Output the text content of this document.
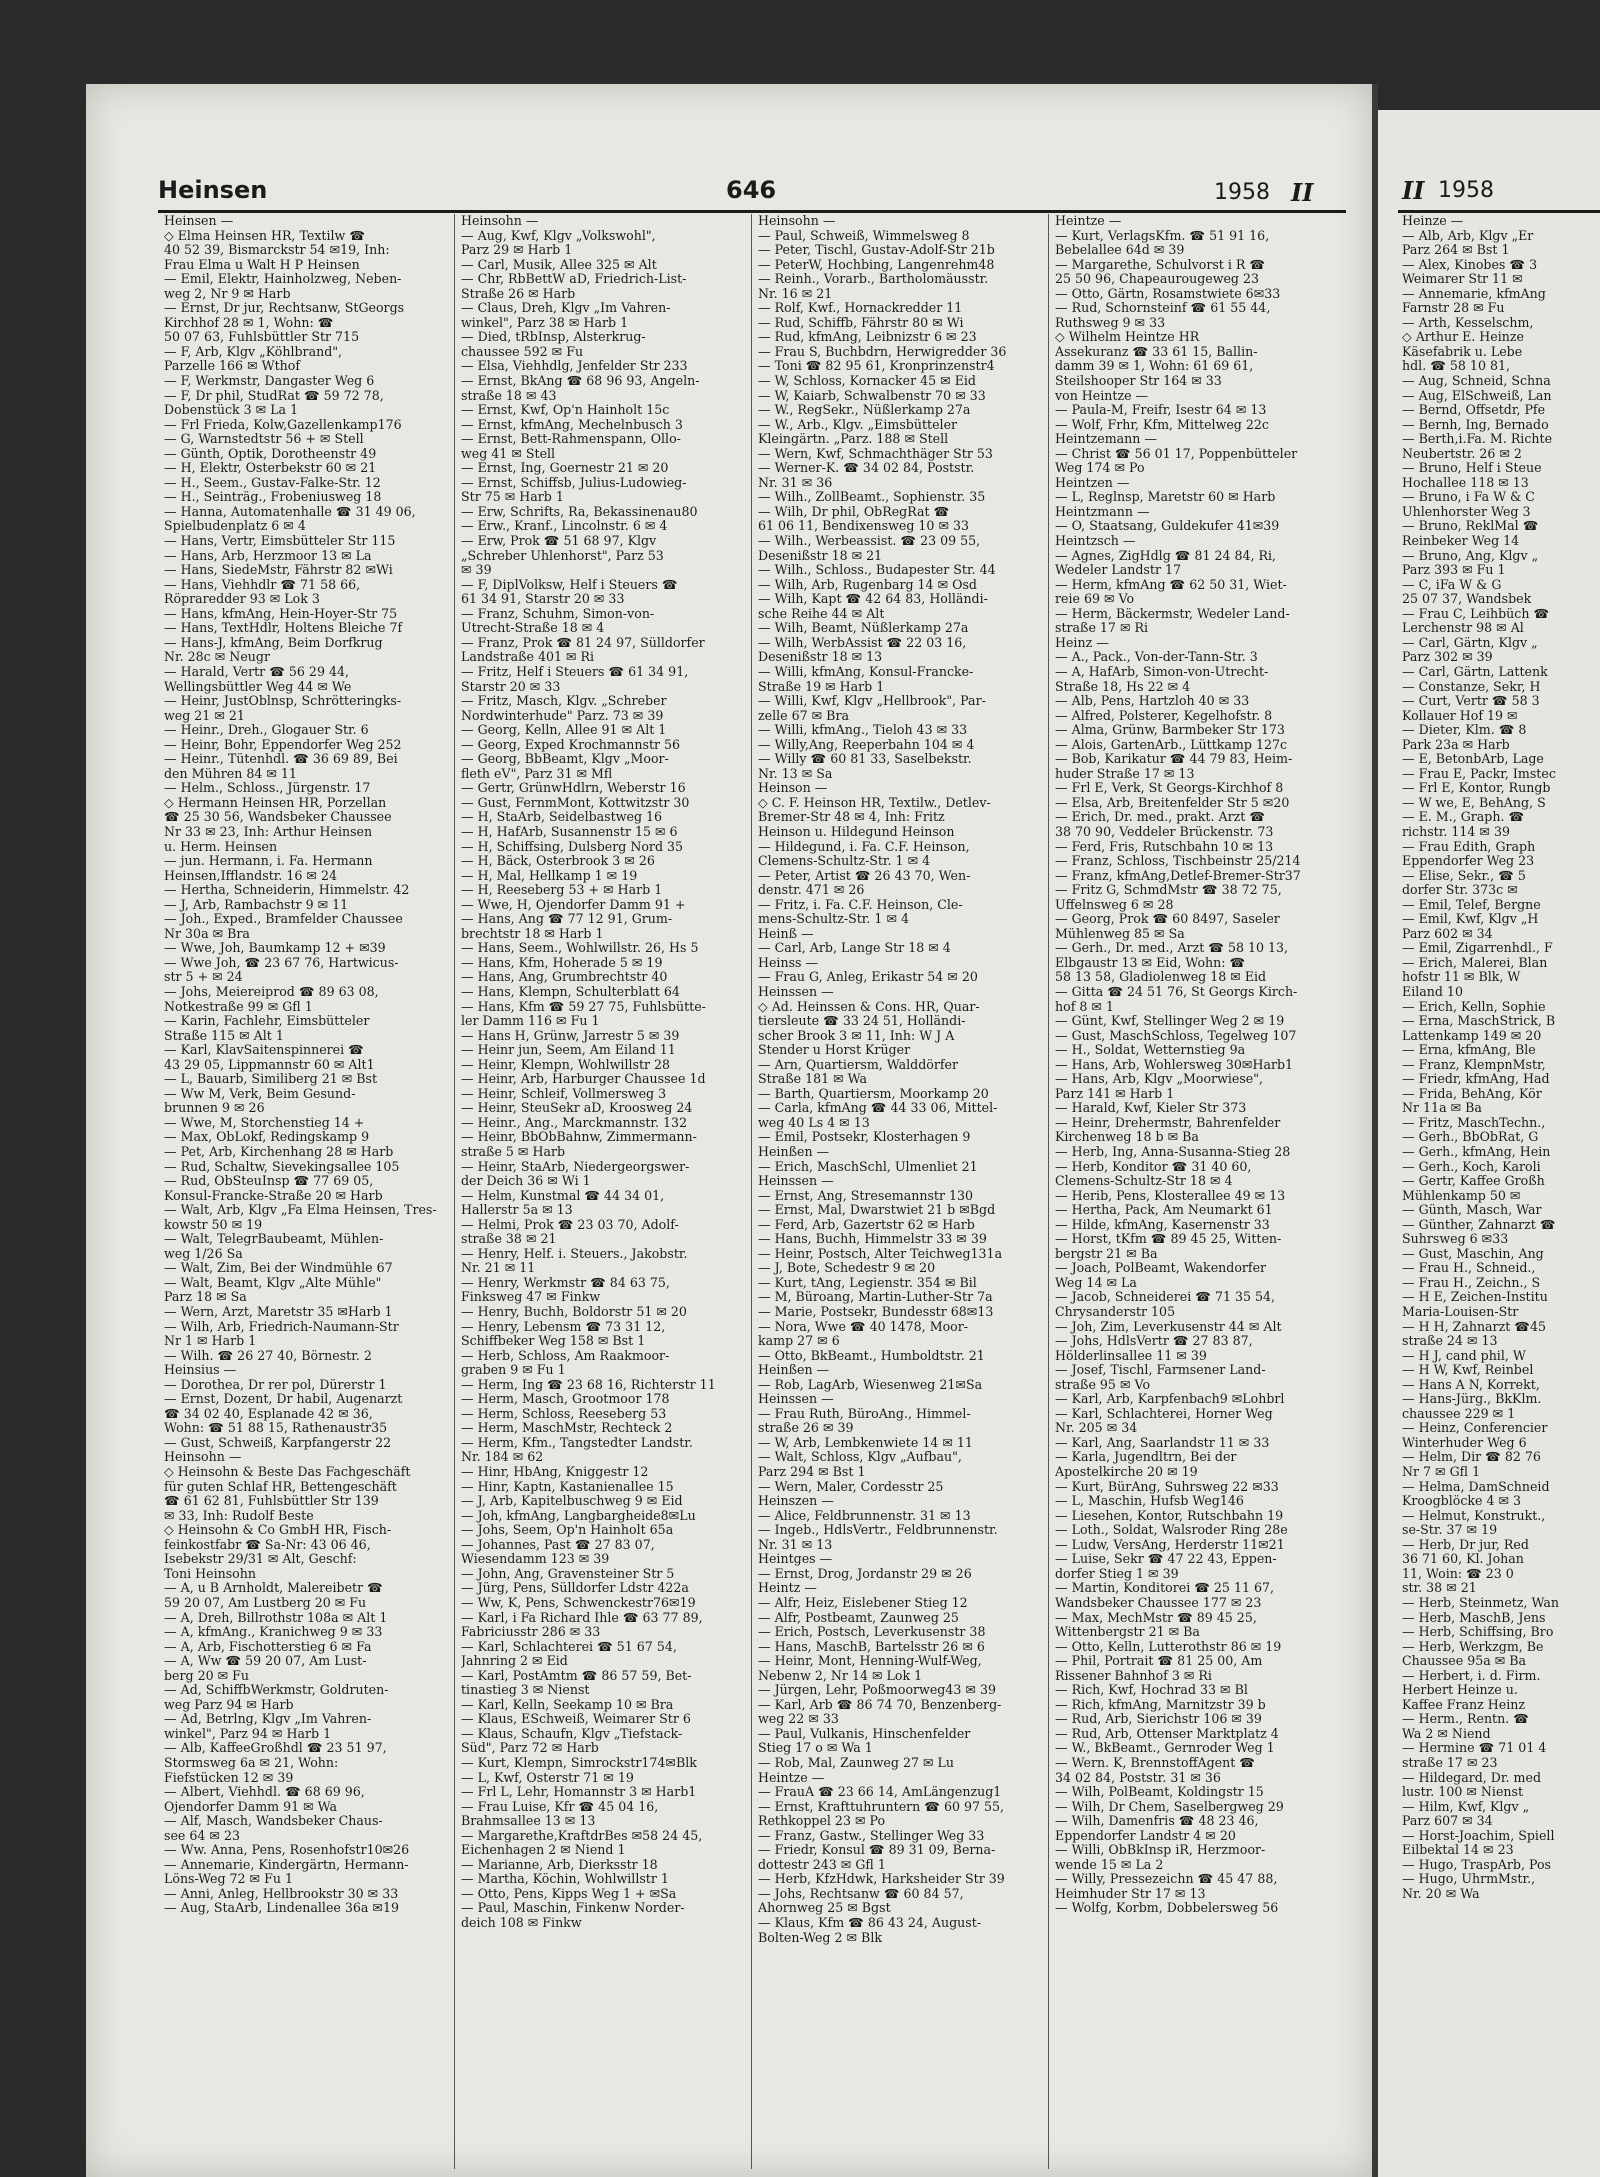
Heinsen	646	1958 II
Heinsen —
◇ Elma Heinsen HR, Textilw ☎
40 52 39, Bismarckstr 54 ✉19, Inh:
Frau Elma u Walt H P Heinsen
— Emil, Elektr, Hainholzweg, Neben-
weg 2, Nr 9 ✉ Harb
— Ernst, Dr jur, Rechtsanw, StGeorgs
Kirchhof 28 ✉ 1, Wohn: ☎
50 07 63, Fuhlsbüttler Str 715
— F, Arb, Klgv „Köhlbrand",
Parzelle 166 ✉ Wthof
— F, Werkmstr, Dangaster Weg 6
— F, Dr phil, StudRat ☎ 59 72 78,
Dobenstück 3 ✉ La 1
— Frl Frieda, Kolw,Gazellenkamp176
— G, Warnstedtstr 56 + ✉ Stell
— Günth, Optik, Dorotheenstr 49
— H, Elektr, Osterbekstr 60 ✉ 21
— H., Seem., Gustav-Falke-Str. 12
— H., Seinträg., Frobeniusweg 18
— Hanna, Automatenhalle ☎ 31 49 06,
Spielbudenplatz 6 ✉ 4
— Hans, Vertr, Eimsbütteler Str 115
— Hans, Arb, Herzmoor 13 ✉ La
— Hans, SiedeMstr, Fährstr 82 ✉Wi
— Hans, Viehhdlr ☎ 71 58 66,
Röpraredder 93 ✉ Lok 3
— Hans, kfmAng, Hein-Hoyer-Str 75
— Hans, TextHdlr, Holtens Bleiche 7f
— Hans-J, kfmAng, Beim Dorfkrug
Nr. 28c ✉ Neugr
— Harald, Vertr ☎ 56 29 44,
Wellingsbüttler Weg 44 ✉ We
— Heinr, JustOblnsp, Schrötteringks-
weg 21 ✉ 21
— Heinr., Dreh., Glogauer Str. 6
— Heinr, Bohr, Eppendorfer Weg 252
— Heinr., Tütenhdl. ☎ 36 69 89, Bei
den Mühren 84 ✉ 11
— Helm., Schloss., Jürgenstr. 17
◇ Hermann Heinsen HR, Porzellan
☎ 25 30 56, Wandsbeker Chaussee
Nr 33 ✉ 23, Inh: Arthur Heinsen
u. Herm. Heinsen
— jun. Hermann, i. Fa. Hermann
Heinsen,Ifflandstr. 16 ✉ 24
— Hertha, Schneiderin, Himmelstr. 42
— J, Arb, Rambachstr 9 ✉ 11
— Joh., Exped., Bramfelder Chaussee
Nr 30a ✉ Bra
— Wwe, Joh, Baumkamp 12 + ✉39
— Wwe Joh, ☎ 23 67 76, Hartwicus-
str 5 + ✉ 24
— Johs, Meiereiprod ☎ 89 63 08,
Notkestraße 99 ✉ Gfl 1
— Karin, Fachlehr, Eimsbütteler
Straße 115 ✉ Alt 1
— Karl, KlavSaitenspinnerei ☎
43 29 05, Lippmannstr 60 ✉ Alt1
— L, Bauarb, Similiberg 21 ✉ Bst
— Ww M, Verk, Beim Gesund-
brunnen 9 ✉ 26
— Wwe, M, Storchenstieg 14 +
— Max, ObLokf, Redingskamp 9
— Pet, Arb, Kirchenhang 28 ✉ Harb
— Rud, Schaltw, Sievekingsallee 105
— Rud, ObSteuInsp ☎ 77 69 05,
Konsul-Francke-Straße 20 ✉ Harb
— Walt, Arb, Klgv „Fa Elma Heinsen, Tres-
kowstr 50 ✉ 19
— Walt, TelegrBaubeamt, Mühlen-
weg 1/26 Sa
— Walt, Zim, Bei der Windmühle 67
— Walt, Beamt, Klgv „Alte Mühle"
Parz 18 ✉ Sa
— Wern, Arzt, Maretstr 35 ✉Harb 1
— Wilh, Arb, Friedrich-Naumann-Str
Nr 1 ✉ Harb 1
— Wilh. ☎ 26 27 40, Börnestr. 2
Heinsius —
— Dorothea, Dr rer pol, Dürerstr 1
— Ernst, Dozent, Dr habil, Augenarzt
☎ 34 02 40, Esplanade 42 ✉ 36,
Wohn: ☎ 51 88 15, Rathenaustr35
— Gust, Schweiß, Karpfangerstr 22
Heinsohn —
◇ Heinsohn & Beste Das Fachgeschäft
für guten Schlaf HR, Bettengeschäft
☎ 61 62 81, Fuhlsbüttler Str 139
✉ 33, Inh: Rudolf Beste
◇ Heinsohn & Co GmbH HR, Fisch-
feinkostfabr ☎ Sa-Nr: 43 06 46,
Isebekstr 29/31 ✉ Alt, Geschf:
Toni Heinsohn
— A, u B Arnholdt, Malereibetr ☎
59 20 07, Am Lustberg 20 ✉ Fu
— A, Dreh, Billrothstr 108a ✉ Alt 1
— A, kfmAng., Kranichweg 9 ✉ 33
— A, Arb, Fischotterstieg 6 ✉ Fa
— A, Ww ☎ 59 20 07, Am Lust-
berg 20 ✉ Fu
— Ad, SchiffbWerkmstr, Goldruten-
weg Parz 94 ✉ Harb
— Ad, Betrlng, Klgv „Im Vahren-
winkel", Parz 94 ✉ Harb 1
— Alb, KaffeeGroßhdl ☎ 23 51 97,
Stormsweg 6a ✉ 21, Wohn:
Fiefstücken 12 ✉ 39
— Albert, Viehhdl. ☎ 68 69 96,
Öjendorfer Damm 91 ✉ Wa
— Alf, Masch, Wandsbeker Chaus-
see 64 ✉ 23
— Ww. Anna, Pens, Rosenhofstr10✉26
— Annemarie, Kindergärtn, Hermann-
Löns-Weg 72 ✉ Fu 1
— Anni, Anleg, Hellbrookstr 30 ✉ 33
— Aug, StaArb, Lindenallee 36a ✉19
Heinsohn —
— Aug, Kwf, Klgv „Volkswohl",
Parz 29 ✉ Harb 1
— Carl, Musik, Allee 325 ✉ Alt
— Chr, RbBettW aD, Friedrich-List-
Straße 26 ✉ Harb
— Claus, Dreh, Klgv „Im Vahren-
winkel", Parz 38 ✉ Harb 1
— Died, tRbInsp, Alsterkrug-
chaussee 592 ✉ Fu
— Elsa, Viehhdlg, Jenfelder Str 233
— Ernst, BkAng ☎ 68 96 93, Angeln-
straße 18 ✉ 43
— Ernst, Kwf, Op'n Hainholt 15c
— Ernst, kfmAng, Mechelnbusch 3
— Ernst, Bett-Rahmenspann, Ollo-
weg 41 ✉ Stell
— Ernst, Ing, Goernestr 21 ✉ 20
— Ernst, Schiffsb, Julius-Ludowieg-
Str 75 ✉ Harb 1
— Erw, Schrifts, Ra, Bekassinenau80
— Erw., Kranf., Lincolnstr. 6 ✉ 4
— Erw, Prok ☎ 51 68 97, Klgv
„Schreber Uhlenhorst", Parz 53
✉ 39
— F, DiplVolksw, Helf i Steuers ☎
61 34 91, Starstr 20 ✉ 33
— Franz, Schuhm, Simon-von-
Utrecht-Straße 18 ✉ 4
— Franz, Prok ☎ 81 24 97, Sülldorfer
Landstraße 401 ✉ Ri
— Fritz, Helf i Steuers ☎ 61 34 91,
Starstr 20 ✉ 33
— Fritz, Masch, Klgv. „Schreber
Nordwinterhude" Parz. 73 ✉ 39
— Georg, Kelln, Allee 91 ✉ Alt 1
— Georg, Exped Krochmannstr 56
— Georg, BbBeamt, Klgv „Moor-
fleth eV", Parz 31 ✉ Mfl
— Gertr, GrünwHdlrn, Weberstr 16
— Gust, FernmMont, Kottwitzstr 30
— H, StaArb, Seidelbastweg 16
— H, HafArb, Susannenstr 15 ✉ 6
— H, Schiffsing, Dulsberg Nord 35
— H, Bäck, Osterbrook 3 ✉ 26
— H, Mal, Hellkamp 1 ✉ 19
— H, Reeseberg 53 + ✉ Harb 1
— Wwe, H, Öjendorfer Damm 91 +
— Hans, Ang ☎ 77 12 91, Grum-
brechtstr 18 ✉ Harb 1
— Hans, Seem., Wohlwillstr. 26, Hs 5
— Hans, Kfm, Hoherade 5 ✉ 19
— Hans, Ang, Grumbrechtstr 40
— Hans, Klempn, Schulterblatt 64
— Hans, Kfm ☎ 59 27 75, Fuhlsbütte-
ler Damm 116 ✉ Fu 1
— Hans H, Grünw, Jarrestr 5 ✉ 39
— Heinr jun, Seem, Am Eiland 11
— Heinr, Klempn, Wohlwillstr 28
— Heinr, Arb, Harburger Chaussee 1d
— Heinr, Schleif, Vollmersweg 3
— Heinr, SteuSekr aD, Kroosweg 24
— Heinr., Ang., Marckmannstr. 132
— Heinr, BbObBahnw, Zimmermann-
straße 5 ✉ Harb
— Heinr, StaArb, Niedergeorgswer-
der Deich 36 ✉ Wi 1
— Helm, Kunstmal ☎ 44 34 01,
Hallerstr 5a ✉ 13
— Helmi, Prok ☎ 23 03 70, Adolf-
straße 38 ✉ 21
— Henry, Helf. i. Steuers., Jakobstr.
Nr. 21 ✉ 11
— Henry, Werkmstr ☎ 84 63 75,
Finksweg 47 ✉ Finkw
— Henry, Buchh, Boldorstr 51 ✉ 20
— Henry, Lebensm ☎ 73 31 12,
Schiffbeker Weg 158 ✉ Bst 1
— Herb, Schloss, Am Raakmoor-
graben 9 ✉ Fu 1
— Herm, Ing ☎ 23 68 16, Richterstr 11
— Herm, Masch, Grootmoor 178
— Herm, Schloss, Reeseberg 53
— Herm, MaschMstr, Rechteck 2
— Herm, Kfm., Tangstedter Landstr.
Nr. 184 ✉ 62
— Hinr, HbAng, Kniggestr 12
— Hinr, Kaptn, Kastanienallee 15
— J, Arb, Kapitelbuschweg 9 ✉ Eid
— Joh, kfmAng, Langbargheide8✉Lu
— Johs, Seem, Op'n Hainholt 65a
— Johannes, Past ☎ 27 83 07,
Wiesendamm 123 ✉ 39
— John, Ang, Gravensteiner Str 5
— Jürg, Pens, Sülldorfer Ldstr 422a
— Ww, K, Pens, Schwenckestr76✉19
— Karl, i Fa Richard Ihle ☎ 63 77 89,
Fabriciusstr 286 ✉ 33
— Karl, Schlachterei ☎ 51 67 54,
Jahnring 2 ✉ Eid
— Karl, PostAmtm ☎ 86 57 59, Bet-
tinastieg 3 ✉ Nienst
— Karl, Kelln, Seekamp 10 ✉ Bra
— Klaus, ESchweiß, Weimarer Str 6
— Klaus, Schaufn, Klgv „Tiefstack-
Süd", Parz 72 ✉ Harb
— Kurt, Klempn, Simrockstr174✉Blk
— L, Kwf, Osterstr 71 ✉ 19
— Frl L, Lehr, Homannstr 3 ✉ Harb1
— Frau Luise, Kfr ☎ 45 04 16,
Brahmsallee 13 ✉ 13
— Margarethe,KraftdrBes ✉58 24 45,
Eichenhagen 2 ✉ Niend 1
— Marianne, Arb, Dierksstr 18
— Martha, Köchin, Wohlwillstr 1
— Otto, Pens, Kipps Weg 1 + ✉Sa
— Paul, Maschin, Finkenw Norder-
deich 108 ✉ Finkw
Heinsohn —
— Paul, Schweiß, Wimmelsweg 8
— Peter, Tischl, Gustav-Adolf-Str 21b
— PeterW, Hochbing, Langenrehm48
— Reinh., Vorarb., Bartholomäusstr.
Nr. 16 ✉ 21
— Rolf, Kwf., Hornackredder 11
— Rud, Schiffb, Fährstr 80 ✉ Wi
— Rud, kfmAng, Leibnizstr 6 ✉ 23
— Frau S, Buchbdrn, Herwigredder 36
— Toni ☎ 82 95 61, Kronprinzenstr4
— W, Schloss, Kornacker 45 ✉ Eid
— W, Kaiarb, Schwalbenstr 70 ✉ 33
— W., RegSekr., Nüßlerkamp 27a
— W., Arb., Klgv. „Eimsbütteler
Kleingärtn. „Parz. 188 ✉ Stell
— Wern, Kwf, Schmachthäger Str 53
— Werner-K. ☎ 34 02 84, Poststr.
Nr. 31 ✉ 36
— Wilh., ZollBeamt., Sophienstr. 35
— Wilh, Dr phil, ObRegRat ☎
61 06 11, Bendixensweg 10 ✉ 33
— Wilh., Werbeassist. ☎ 23 09 55,
Desenißstr 18 ✉ 21
— Wilh., Schloss., Budapester Str. 44
— Wilh, Arb, Rugenbarg 14 ✉ Osd
— Wilh, Kapt ☎ 42 64 83, Holländi-
sche Reihe 44 ✉ Alt
— Wilh, Beamt, Nüßlerkamp 27a
— Wilh, WerbAssist ☎ 22 03 16,
Desenißstr 18 ✉ 13
— Willi, kfmAng, Konsul-Francke-
Straße 19 ✉ Harb 1
— Willi, Kwf, Klgv „Hellbrook", Par-
zelle 67 ✉ Bra
— Willi, kfmAng., Tieloh 43 ✉ 33
— Willy,Ang, Reeperbahn 104 ✉ 4
— Willy ☎ 60 81 33, Saselbekstr.
Nr. 13 ✉ Sa
Heinson —
◇ C. F. Heinson HR, Textilw., Detlev-
Bremer-Str 48 ✉ 4, Inh: Fritz
Heinson u. Hildegund Heinson
— Hildegund, i. Fa. C.F. Heinson,
Clemens-Schultz-Str. 1 ✉ 4
— Peter, Artist ☎ 26 43 70, Wen-
denstr. 471 ✉ 26
— Fritz, i. Fa. C.F. Heinson, Cle-
mens-Schultz-Str. 1 ✉ 4
Heinß —
— Carl, Arb, Lange Str 18 ✉ 4
Heinss —
— Frau G, Anleg, Erikastr 54 ✉ 20
Heinssen —
◇ Ad. Heinssen & Cons. HR, Quar-
tiersleute ☎ 33 24 51, Holländi-
scher Brook 3 ✉ 11, Inh: W J A
Stender u Horst Krüger
— Arn, Quartiersm, Walddörfer
Straße 181 ✉ Wa
— Barth, Quartiersm, Moorkamp 20
— Carla, kfmAng ☎ 44 33 06, Mittel-
weg 40 Ls 4 ✉ 13
— Emil, Postsekr, Klosterhagen 9
Heinßen —
— Erich, MaschSchl, Ulmenliet 21
Heinssen —
— Ernst, Ang, Stresemannstr 130
— Ernst, Mal, Dwarstwiet 21 b ✉Bgd
— Ferd, Arb, Gazertstr 62 ✉ Harb
— Hans, Buchh, Himmelstr 33 ✉ 39
— Heinr, Postsch, Alter Teichweg131a
— J, Bote, Schedestr 9 ✉ 20
— Kurt, tAng, Legienstr. 354 ✉ Bil
— M, Büroang, Martin-Luther-Str 7a
— Marie, Postsekr, Bundesstr 68✉13
— Nora, Wwe ☎ 40 1478, Moor-
kamp 27 ✉ 6
— Otto, BkBeamt., Humboldtstr. 21
Heinßen —
— Rob, LagArb, Wiesenweg 21✉Sa
Heinssen —
— Frau Ruth, BüroAng., Himmel-
straße 26 ✉ 39
— W, Arb, Lembkenwiete 14 ✉ 11
— Walt, Schloss, Klgv „Aufbau",
Parz 294 ✉ Bst 1
— Wern, Maler, Cordesstr 25
Heinszen —
— Alice, Feldbrunnenstr. 31 ✉ 13
— Ingeb., HdlsVertr., Feldbrunnenstr.
Nr. 31 ✉ 13
Heintges —
— Ernst, Drog, Jordanstr 29 ✉ 26
Heintz —
— Alfr, Heiz, Eislebener Stieg 12
— Alfr, Postbeamt, Zaunweg 25
— Erich, Postsch, Leverkusenstr 38
— Hans, MaschB, Bartelsstr 26 ✉ 6
— Heinr, Mont, Henning-Wulf-Weg,
Nebenw 2, Nr 14 ✉ Lok 1
— Jürgen, Lehr, Poßmoorweg43 ✉ 39
— Karl, Arb ☎ 86 74 70, Benzenberg-
weg 22 ✉ 33
— Paul, Vulkanis, Hinschenfelder
Stieg 17 o ✉ Wa 1
— Rob, Mal, Zaunweg 27 ✉ Lu
Heintze —
— FrauA ☎ 23 66 14, AmLängenzug1
— Ernst, Krafttuhruntern ☎ 60 97 55,
Rethkoppel 23 ✉ Po
— Franz, Gastw., Stellinger Weg 33
— Friedr, Konsul ☎ 89 31 09, Berna-
dottestr 243 ✉ Gfl 1
— Herb, KfzHdwk, Harksheider Str 39
— Johs, Rechtsanw ☎ 60 84 57,
Ahornweg 25 ✉ Bgst
— Klaus, Kfm ☎ 86 43 24, August-
Bolten-Weg 2 ✉ Blk
Heintze —
— Kurt, VerlagsKfm. ☎ 51 91 16,
Bebelallee 64d ✉ 39
— Margarethe, Schulvorst i R ☎
25 50 96, Chapeaurougeweg 23
— Otto, Gärtn, Rosamstwiete 6✉33
— Rud, Schornsteinf ☎ 61 55 44,
Ruthsweg 9 ✉ 33
◇ Wilhelm Heintze HR
Assekuranz ☎ 33 61 15, Ballin-
damm 39 ✉ 1, Wohn: 61 69 61,
Steilshooper Str 164 ✉ 33
von Heintze —
— Paula-M, Freifr, Isestr 64 ✉ 13
— Wolf, Frhr, Kfm, Mittelweg 22c
Heintzemann —
— Christ ☎ 56 01 17, Poppenbütteler
Weg 174 ✉ Po
Heintzen —
— L, Reglnsp, Maretstr 60 ✉ Harb
Heintzmann —
— O, Staatsang, Guldekufer 41✉39
Heintzsch —
— Agnes, ZigHdlg ☎ 81 24 84, Ri,
Wedeler Landstr 17
— Herm, kfmAng ☎ 62 50 31, Wiet-
reie 69 ✉ Vo
— Herm, Bäckermstr, Wedeler Land-
straße 17 ✉ Ri
Heinz —
— A., Pack., Von-der-Tann-Str. 3
— A, HafArb, Simon-von-Utrecht-
Straße 18, Hs 22 ✉ 4
— Alb, Pens, Hartzloh 40 ✉ 33
— Alfred, Polsterer, Kegelhofstr. 8
— Alma, Grünw, Barmbeker Str 173
— Alois, GartenArb., Lüttkamp 127c
— Bob, Karikatur ☎ 44 79 83, Heim-
huder Straße 17 ✉ 13
— Frl E, Verk, St Georgs-Kirchhof 8
— Elsa, Arb, Breitenfelder Str 5 ✉20
— Erich, Dr. med., prakt. Arzt ☎
38 70 90, Veddeler Brückenstr. 73
— Ferd, Fris, Rutschbahn 10 ✉ 13
— Franz, Schloss, Tischbeinstr 25/214
— Franz, kfmAng,Detlef-Bremer-Str37
— Fritz G, SchmdMstr ☎ 38 72 75,
Uffelnsweg 6 ✉ 28
— Georg, Prok ☎ 60 8497, Saseler
Mühlenweg 85 ✉ Sa
— Gerh., Dr. med., Arzt ☎ 58 10 13,
Elbgaustr 13 ✉ Eid, Wohn: ☎
58 13 58, Gladiolenweg 18 ✉ Eid
— Gitta ☎ 24 51 76, St Georgs Kirch-
hof 8 ✉ 1
— Günt, Kwf, Stellinger Weg 2 ✉ 19
— Gust, MaschSchloss, Tegelweg 107
— H., Soldat, Wetternstieg 9a
— Hans, Arb, Wohlersweg 30✉Harb1
— Hans, Arb, Klgv „Moorwiese",
Parz 141 ✉ Harb 1
— Harald, Kwf, Kieler Str 373
— Heinr, Drehermstr, Bahrenfelder
Kirchenweg 18 b ✉ Ba
— Herb, Ing, Anna-Susanna-Stieg 28
— Herb, Konditor ☎ 31 40 60,
Clemens-Schultz-Str 18 ✉ 4
— Herib, Pens, Klosterallee 49 ✉ 13
— Hertha, Pack, Am Neumarkt 61
— Hilde, kfmAng, Kasernenstr 33
— Horst, tKfm ☎ 89 45 25, Witten-
bergstr 21 ✉ Ba
— Joach, PolBeamt, Wakendorfer
Weg 14 ✉ La
— Jacob, Schneiderei ☎ 71 35 54,
Chrysanderstr 105
— Joh, Zim, Leverkusenstr 44 ✉ Alt
— Johs, HdlsVertr ☎ 27 83 87,
Hölderlinsallee 11 ✉ 39
— Josef, Tischl, Farmsener Land-
straße 95 ✉ Vo
— Karl, Arb, Karpfenbach9 ✉Lohbrl
— Karl, Schlachterei, Horner Weg
Nr. 205 ✉ 34
— Karl, Ang, Saarlandstr 11 ✉ 33
— Karla, Jugendltrn, Bei der
Apostelkirche 20 ✉ 19
— Kurt, BürAng, Suhrsweg 22 ✉33
— L, Maschin, Hufsb Weg146
— Liesehen, Kontor, Rutschbahn 19
— Loth., Soldat, Walsroder Ring 28e
— Ludw, VersAng, Herderstr 11✉21
— Luise, Sekr ☎ 47 22 43, Eppen-
dorfer Stieg 1 ✉ 39
— Martin, Konditorei ☎ 25 11 67,
Wandsbeker Chaussee 177 ✉ 23
— Max, MechMstr ☎ 89 45 25,
Wittenbergstr 21 ✉ Ba
— Otto, Kelln, Lutterothstr 86 ✉ 19
— Phil, Portrait ☎ 81 25 00, Am
Rissener Bahnhof 3 ✉ Ri
— Rich, Kwf, Hochrad 33 ✉ Bl
— Rich, kfmAng, Marnitzstr 39 b
— Rud, Arb, Sierichstr 106 ✉ 39
— Rud, Arb, Ottenser Marktplatz 4
— W., BkBeamt., Gernroder Weg 1
— Wern. K, BrennstoffAgent ☎
34 02 84, Poststr. 31 ✉ 36
— Wilh, PolBeamt, Koldingstr 15
— Wilh, Dr Chem, Saselbergweg 29
— Wilh, Damenfris ☎ 48 23 46,
Eppendorfer Landstr 4 ✉ 20
— Willi, ObBkInsp iR, Herzmoor-
wende 15 ✉ La 2
— Willy, Pressezeichn ☎ 45 47 88,
Heimhuder Str 17 ✉ 13
— Wolfg, Korbm, Dobbelersweg 56
II 1958
Heinze —
— Alb, Arb, Klgv „Er
Parz 264 ✉ Bst 1
— Alex, Kinobes ☎ 3
Weimarer Str 11 ✉
— Annemarie, kfmAng
Farnstr 28 ✉ Fu
— Arth, Kesselschm,
◇ Arthur E. Heinze
Käsefabrik u. Lebe
hdl. ☎ 58 10 81,
— Aug, Schneid, Schna
— Aug, ElSchweiß, Lan
— Bernd, Offsetdr, Pfe
— Bernh, Ing, Bernado
— Berth,i.Fa. M. Richte
Neubertstr. 26 ✉ 2
— Bruno, Helf i Steue
Hochallee 118 ✉ 13
— Bruno, i Fa W & C
Uhlenhorster Weg 3
— Bruno, ReklMal ☎
Reinbeker Weg 14
— Bruno, Ang, Klgv „
Parz 393 ✉ Fu 1
— C, iFa W & G
25 07 37, Wandsbek
— Frau C, Leihbüch ☎
Lerchenstr 98 ✉ Al
— Carl, Gärtn, Klgv „
Parz 302 ✉ 39
— Carl, Gärtn, Lattenk
— Constanze, Sekr, H
— Curt, Vertr ☎ 58 3
Kollauer Hof 19 ✉
— Dieter, Klm. ☎ 8
Park 23a ✉ Harb
— E, BetonbArb, Lage
— Frau E, Packr, Imstec
— Frl E, Kontor, Rungb
— W we, E, BehAng, S
— E. M., Graph. ☎
richstr. 114 ✉ 39
— Frau Edith, Graph
Eppendorfer Weg 23
— Elise, Sekr., ☎ 5
dorfer Str. 373c ✉
— Emil, Telef, Bergne
— Emil, Kwf, Klgv „H
Parz 602 ✉ 34
— Emil, Zigarrenhdl., F
— Erich, Malerei, Blan
hofstr 11 ✉ Blk, W
Eiland 10
— Erich, Kelln, Sophie
— Erna, MaschStrick, B
Lattenkamp 149 ✉ 20
— Erna, kfmAng, Ble
— Franz, KlempnMstr,
— Friedr, kfmAng, Had
— Frida, BehAng, Kör
Nr 11a ✉ Ba
— Fritz, MaschTechn.,
— Gerh., BbObRat, G
— Gerh., kfmAng, Hein
— Gerh., Koch, Karoli
— Gertr, Kaffee Großh
Mühlenkamp 50 ✉
— Günth, Masch, War
— Günther, Zahnarzt ☎
Suhrsweg 6 ✉33
— Gust, Maschin, Ang
— Frau H., Schneid.,
— Frau H., Zeichn., S
— H E, Zeichen-Institu
Maria-Louisen-Str
— H H, Zahnarzt ☎45
straße 24 ✉ 13
— H J, cand phil, W
— H W, Kwf, Reinbel
— Hans A N, Korrekt,
— Hans-Jürg., BkKlm.
chaussee 229 ✉ 1
— Heinz, Conferencier
Winterhuder Weg 6
— Helm, Dir ☎ 82 76
Nr 7 ✉ Gfl 1
— Helma, DamSchneid
Kroogblöcke 4 ✉ 3
— Helmut, Konstrukt.,
se-Str. 37 ✉ 19
— Herb, Dr jur, Red
36 71 60, Kl. Johan
11, Woin: ☎ 23 0
str. 38 ✉ 21
— Herb, Steinmetz, Wan
— Herb, MaschB, Jens
— Herb, Schiffsing, Bro
— Herb, Werkzgm, Be
Chaussee 95a ✉ Ba
— Herbert, i. d. Firm.
Herbert Heinze u.
Kaffee Franz Heinz
— Herm., Rentn. ☎
Wa 2 ✉ Niend
— Hermine ☎ 71 01 4
straße 17 ✉ 23
— Hildegard, Dr. med
lustr. 100 ✉ Nienst
— Hilm, Kwf, Klgv „
Parz 607 ✉ 34
— Horst-Joachim, Spiell
Eilbektal 14 ✉ 23
— Hugo, TraspArb, Pos
— Hugo, UhrmMstr.,
Nr. 20 ✉ Wa
